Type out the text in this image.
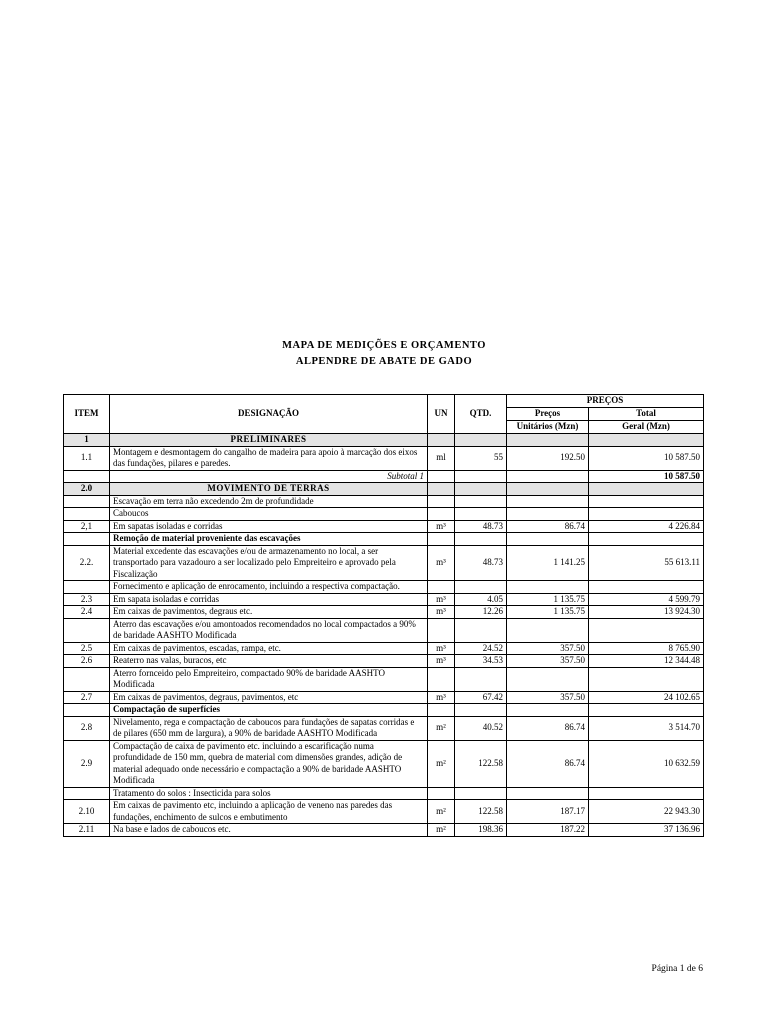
MAPA DE MEDIÇÕES E ORÇAMENTO
ALPENDRE DE ABATE DE GADO
ITEM	DESIGNAÇÃO	UN	QTD.	PREÇOS	
				Preços	Total
				Unitários (Mzn)	Geral (Mzn)
1	PRELIMINARES				
1.1	Montagem e desmontagem do cangalho de madeira para apoio à marcação dos eixos das fundações, pilares e paredes.	ml	55	192.50	10 587.50
	Subtotal 1				10 587.50
2.0	MOVIMENTO DE TERRAS				
	Escavação em terra não excedendo 2m de profundidade				
	Caboucos				
2,1	Em sapatas isoladas e corridas	m³	48.73	86.74	4 226.84
	Remoção de material proveniente das escavações				
2.2.	Material excedente das escavações e/ou de armazenamento no local, a ser transportado para vazadouro a ser localizado pelo Empreiteiro e aprovado pela Fiscalização	m³	48.73	1 141.25	55 613.11
	Fornecimento e aplicação de enrocamento, incluindo a respectiva compactação.				
2.3	Em sapata isoladas e corridas	m³	4.05	1 135.75	4 599.79
2.4	Em caixas de pavimentos, degraus etc.	m³	12.26	1 135.75	13 924.30
	Aterro das escavações e/ou amontoados recomendados no local compactados a 90% de baridade AASHTO Modificada				
2.5	Em caixas de pavimentos, escadas, rampa, etc.	m³	24.52	357.50	8 765.90
2.6	Reaterro nas valas, buracos, etc	m³	34.53	357.50	12 344.48
	Aterro fornceido pelo Empreiteiro, compactado 90% de baridade AASHTO Modificada				
2.7	Em caixas de pavimentos, degraus, pavimentos, etc	m³	67.42	357.50	24 102.65
	Compactação de superfícies				
2.8	Nivelamento, rega e compactação de caboucos para fundações de sapatas corridas e de pilares (650 mm de largura), a 90% de baridade AASHTO Modificada	m²	40.52	86.74	3 514.70
2.9	Compactação de caixa de pavimento etc. incluindo a escarificação numa profundidade de 150 mm, quebra de material com dimensões grandes, adição de material adequado onde necessário e compactação a 90% de baridade AASHTO Modificada	m²	122.58	86.74	10 632.59
	Tratamento do solos : Insecticida para solos				
2.10	Em caixas de pavimento etc, incluindo a aplicação de veneno nas paredes das fundações, enchimento de sulcos e embutimento	m²	122.58	187.17	22 943.30
2.11	Na base e lados de caboucos etc.	m²	198.36	187.22	37 136.96
Página 1 de 6
